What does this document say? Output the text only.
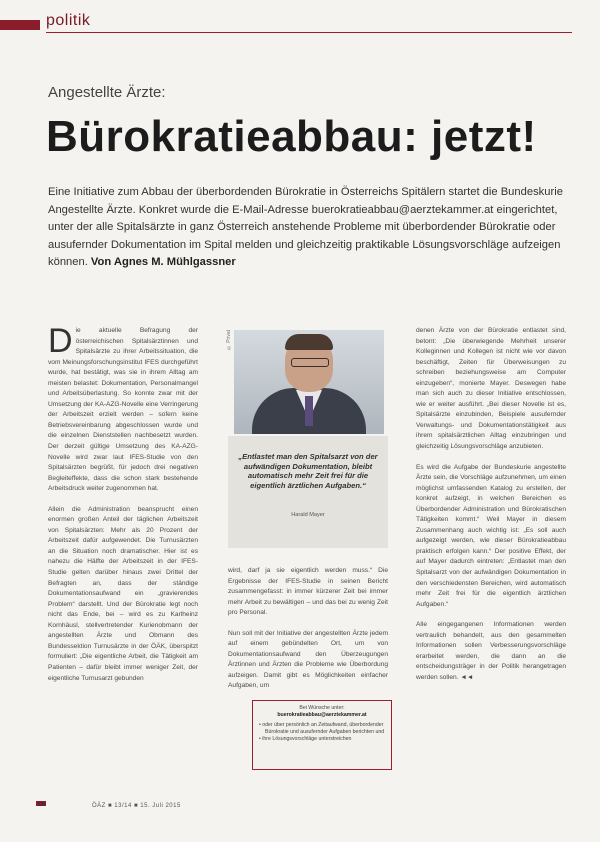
politik
Angestellte Ärzte:
Bürokratieabbau: jetzt!
Eine Initiative zum Abbau der überbordenden Bürokratie in Österreichs Spitälern startet die Bundeskurie Angestellte Ärzte. Konkret wurde die E-Mail-Adresse buerokratieabbau@aerztekammer.at eingerichtet, unter der alle Spitalsärzte in ganz Österreich anstehende Probleme mit überbordender Bürokratie oder ausufernder Dokumentation im Spital melden und gleichzeitig praktikable Lösungsvorschläge aufzeigen können. Von Agnes M. Mühlgassner

Die aktuelle Befragung der österreichischen Spitalsärztinnen und Spitalsärzte zu ihrer Arbeitssituation, die vom Meinungsforschungsinstitut IFES durchgeführt wurde, hat bestätigt, was sie in ihrem Alltag am meisten belastet: Dokumentation, Personalmangel und Arbeitsüberlastung. So konnte zwar mit der Umsetzung der KA-AZG-Novelle eine Verringerung der Arbeitszeit erzielt werden – sofern keine Betriebsvereinbarung abgeschlossen wurde und die einzelnen Dienststellen nachbesetzt wurden. Der derzeit gültige Umsetzung des KA-AZG-Novelle wird zwar laut IFES-Studie von den Spitalsärzten begrüßt, für jedoch drei negativen Begleiteffekte, dass die schon stark bestehende Arbeitsdruck weiter zugenommen hat.

Allein die Administration beansprucht einen enormen großen Anteil der täglichen Arbeitszeit von Spitalsärzten: Mehr als 20 Prozent der Arbeitszeit dafür aufgewendet. Die Turnusärzten an die Situation noch dramatischer. Hier ist es nahezu die Hälfte der Arbeitszeit in der IFES-Studie gelten darüber hinaus zwei Drittel der Befragten an, dass der ständige Dokumentationsaufwand ein „gravierendes Problem“ darstellt. Und der Bürokratie legt noch nicht das Ende, bei – wird es zu Karlheinz Kornhäusl, stellvertretender Kurienobmann der angestellten Ärzte und Obmann des Bundessektion Turnusärzte in der ÖÄK, überspitzt formuliert: „Die eigentliche Arbeit, die Tätigkeit am Patienten – dafür bleibt immer weniger Zeit, der eigentliche Turnusarzt gebunden

© Privat
„Entlastet man den Spitalsarzt von der aufwändigen Dokumentation, bleibt automatisch mehr Zeit frei für die eigentlich ärztlichen Aufgaben.“
Harald Mayer

wird, darf ja sie eigentlich werden muss.“ Die Ergebnisse der IFES-Studie in seinen Bericht zusammengefasst: in immer kürzerer Zeit bei immer mehr Arbeit zu bewältigen – und das bei zu wenig Zeit pro Personal.

Nun soll mit der Initiative der angestellten Ärzte jedem auf einem gebündelten Ort, um von Dokumentationsaufwand den Überzeugungen Ärztinnen und Ärzten die Probleme wie Überbordung aufzeigen. Damit gibt es Möglichkeiten einfacher Aufgaben, um

Bei Wünsche unter:
buerokratieabbau@aerztekammer.at

• oder über persönlich an Zeitaufwand, überbordender Bürokratie und ausufernder Aufgaben berichten und

• ihre Lösungsvorschläge unterstreichen

denen Ärzte von der Bürokratie entlastet sind, betont: „Die überwiegende Mehrheit unserer Kolleginnen und Kollegen ist nicht wie vor davon beschäftigt, Zeiten für Überweisungen zu schreiben beziehungsweise am Computer einzugeben“, monierte Mayer. Deswegen habe man sich auch zu dieser Initiative entschlossen, wie er weiter ausführt. „Bei dieser Novelle ist es, Spitalsärzte einzubinden, Beispiele ausufernder Verwaltungs- und Dokumentationstätigkeit aus ihrem spitalsärztlichen Alltag einzubringen und gleichzeitig Lösungsvorschläge anzubieten.

Es wird die Aufgabe der Bundeskurie angestellte Ärzte sein, die Vorschläge aufzunehmen, um einen möglichst umfassenden Katalog zu erstellen, der konkret aufzeigt, in welchen Bereichen es Überbordender Administration und Bürokratischen Tätigkeiten kommt.“ Weil Mayer in diesem Zusammenhang auch wichtig ist: „Es soll auch aufgezeigt werden, wie dieser Bürokratieabbau praktisch erfolgen kann.“ Der positive Effekt, der auf Mayer dadurch eintreten: „Entlastet man den Spitalsarzt von der aufwändigen Dokumentation in den verschiedensten Bereichen, wird automatisch mehr Zeit frei für die eigentlich ärztlichen Aufgaben.“

Alle eingegangenen Informationen werden vertraulich behandelt, aus den gesammelten Informationen sollen Verbesserungsvorschläge erarbeitet werden, die dann an die entscheidungsträger in der Politik herangetragen werden sollen. ◄◄

18	ÖÄZ ■ 13/14 ■ 15. Juli 2015
